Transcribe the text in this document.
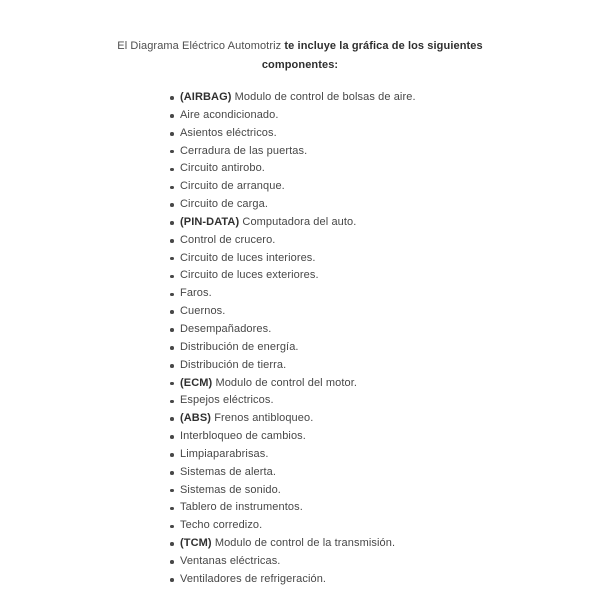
El Diagrama Eléctrico Automotriz te incluye la gráfica de los siguientes
componentes:
(AIRBAG) Modulo de control de bolsas de aire.
Aire acondicionado.
Asientos eléctricos.
Cerradura de las puertas.
Circuito antirobo.
Circuito de arranque.
Circuito de carga.
(PIN-DATA) Computadora del auto.
Control de crucero.
Circuito de luces interiores.
Circuito de luces exteriores.
Faros.
Cuernos.
Desempañadores.
Distribución de energía.
Distribución de tierra.
(ECM) Modulo de control del motor.
Espejos eléctricos.
(ABS) Frenos antibloqueo.
Interbloqueo de cambios.
Limpiaparabrisas.
Sistemas de alerta.
Sistemas de sonido.
Tablero de instrumentos.
Techo corredizo.
(TCM) Modulo de control de la transmisión.
Ventanas eléctricas.
Ventiladores de refrigeración.
